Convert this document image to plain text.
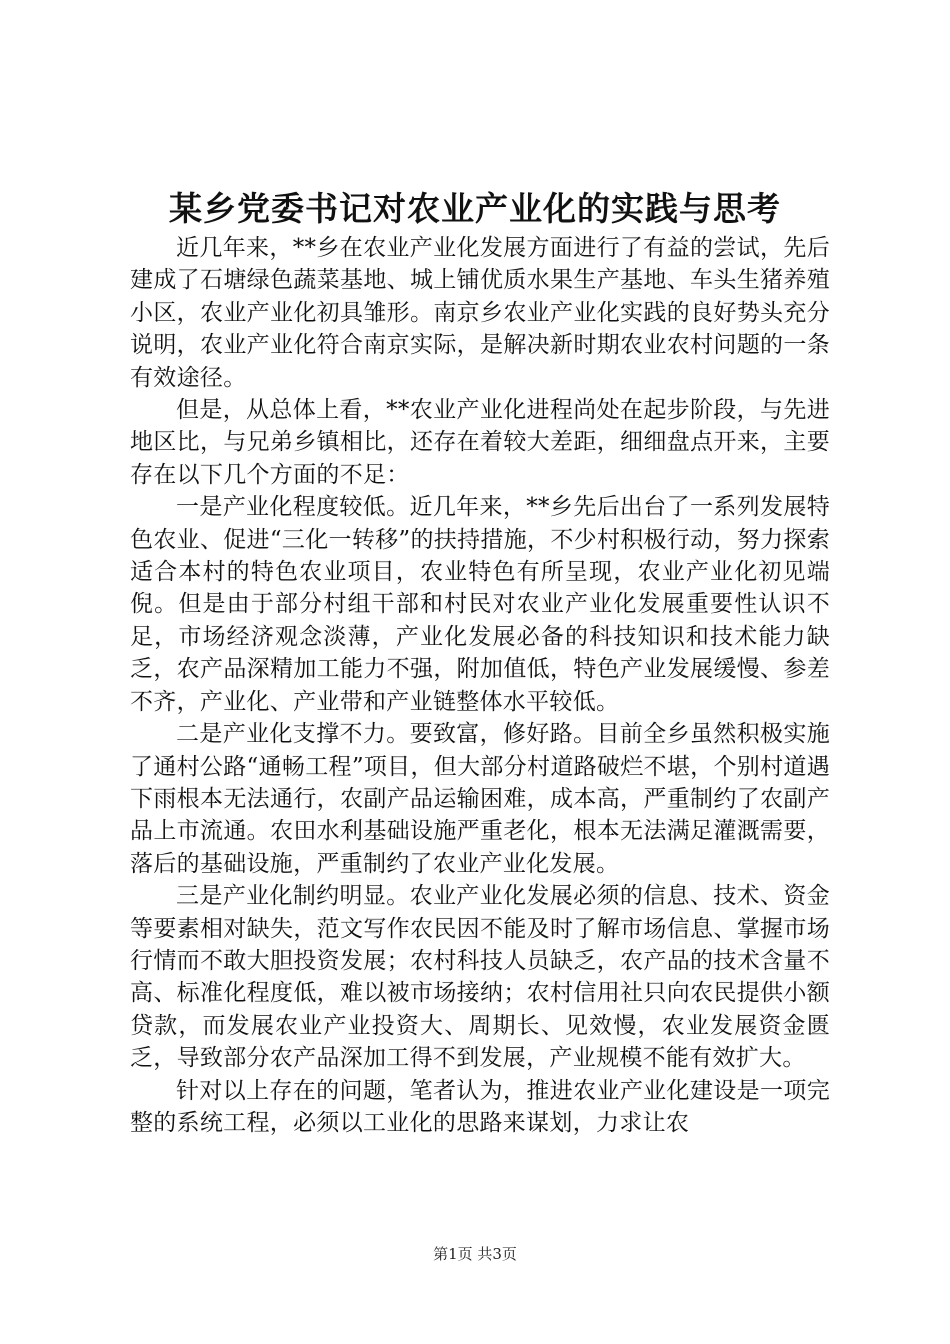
某乡党委书记对农业产业化的实践与思考

近几年来，**乡在农业产业化发展方面进行了有益的尝试，先后建成了石塘绿色蔬菜基地、城上铺优质水果生产基地、车头生猪养殖小区，农业产业化初具雏形。南京乡农业产业化实践的良好势头充分说明，农业产业化符合南京实际，是解决新时期农业农村问题的一条有效途径。

但是，从总体上看，**农业产业化进程尚处在起步阶段，与先进地区比，与兄弟乡镇相比，还存在着较大差距，细细盘点开来，主要存在以下几个方面的不足：

一是产业化程度较低。近几年来，**乡先后出台了一系列发展特色农业、促进“三化一转移”的扶持措施，不少村积极行动，努力探索适合本村的特色农业项目，农业特色有所呈现，农业产业化初见端倪。但是由于部分村组干部和村民对农业产业化发展重要性认识不足，市场经济观念淡薄，产业化发展必备的科技知识和技术能力缺乏，农产品深精加工能力不强，附加值低，特色产业发展缓慢、参差不齐，产业化、产业带和产业链整体水平较低。

二是产业化支撑不力。要致富，修好路。目前全乡虽然积极实施了通村公路“通畅工程”项目，但大部分村道路破烂不堪，个别村道遇下雨根本无法通行，农副产品运输困难，成本高，严重制约了农副产品上市流通。农田水利基础设施严重老化，根本无法满足灌溉需要，落后的基础设施，严重制约了农业产业化发展。

三是产业化制约明显。农业产业化发展必须的信息、技术、资金等要素相对缺失，范文写作农民因不能及时了解市场信息、掌握市场行情而不敢大胆投资发展；农村科技人员缺乏，农产品的技术含量不高、标准化程度低，难以被市场接纳；农村信用社只向农民提供小额贷款，而发展农业产业投资大、周期长、见效慢，农业发展资金匮乏，导致部分农产品深加工得不到发展，产业规模不能有效扩大。

针对以上存在的问题，笔者认为，推进农业产业化建设是一项完整的系统工程，必须以工业化的思路来谋划，力求让农

第1页 共3页
